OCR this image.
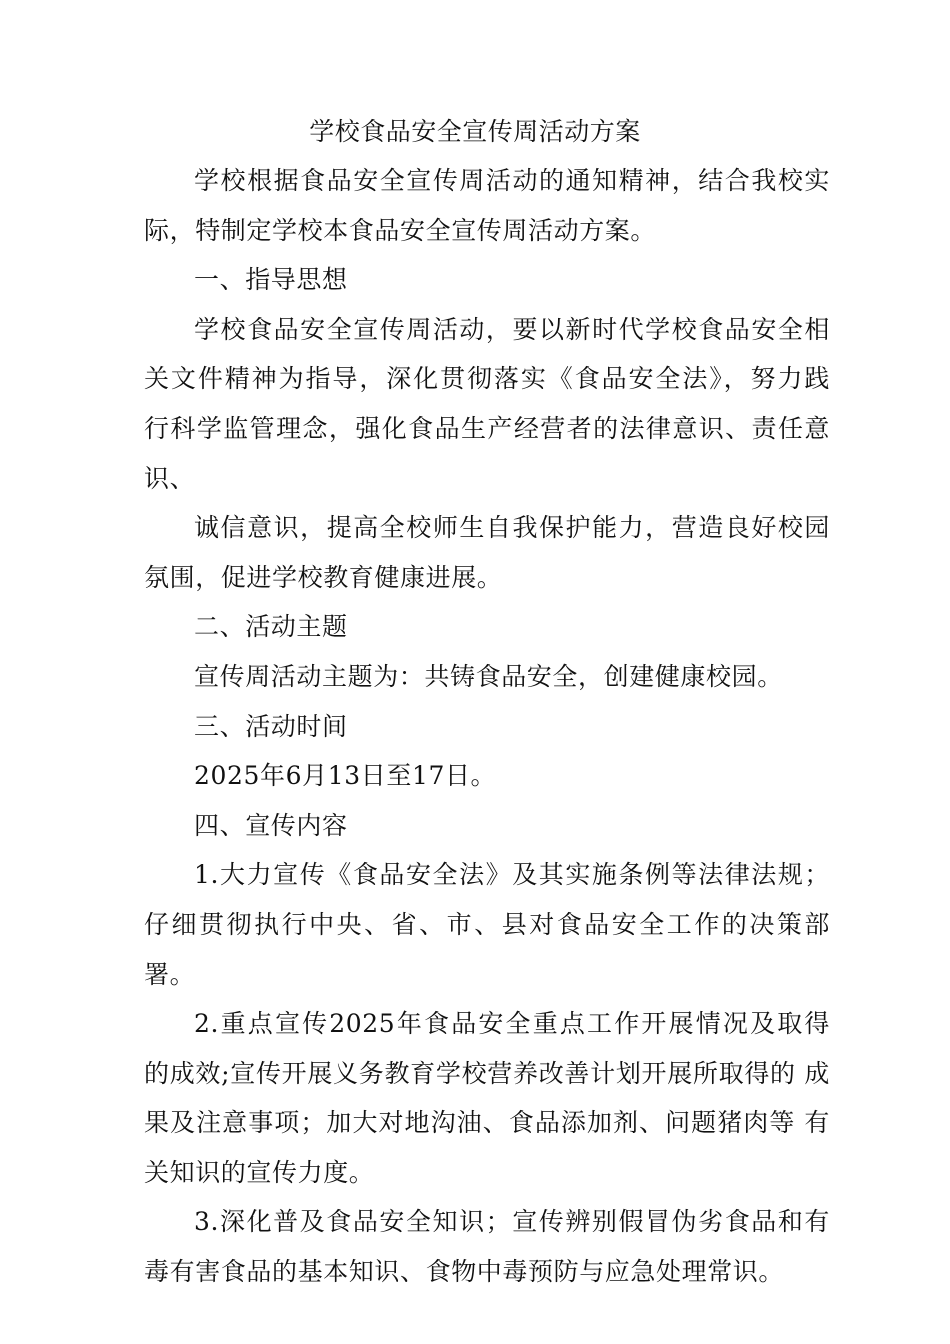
学校食品安全宣传周活动方案

学校根据食品安全宣传周活动的通知精神，结合我校实际，特制定学校本食品安全宣传周活动方案。

一、指导思想

学校食品安全宣传周活动，要以新时代学校食品安全相 关文件精神为指导，深化贯彻落实《食品安全法》，努力践 行科学监管理念，强化食品生产经营者的法律意识、责任意 识、

诚信意识，提高全校师生自我保护能力，营造良好校园 氛围，促进学校教育健康进展。

二、活动主题

宣传周活动主题为：共铸食品安全，创建健康校园。

三、活动时间

2025年6月13日至17日。

四、宣传内容

1.大力宣传《食品安全法》及其实施条例等法律法规；仔细贯彻执行中央、省、市、县对食品安全工作的决策部署。

2.重点宣传2025年食品安全重点工作开展情况及取得 的成效;宣传开展义务教育学校营养改善计划开展所取得的 成果及注意事项；加大对地沟油、食品添加剂、问题猪肉等 有关知识的宣传力度。

3.深化普及食品安全知识；宣传辨别假冒伪劣食品和有 毒有害食品的基本知识、食物中毒预防与应急处理常识。
